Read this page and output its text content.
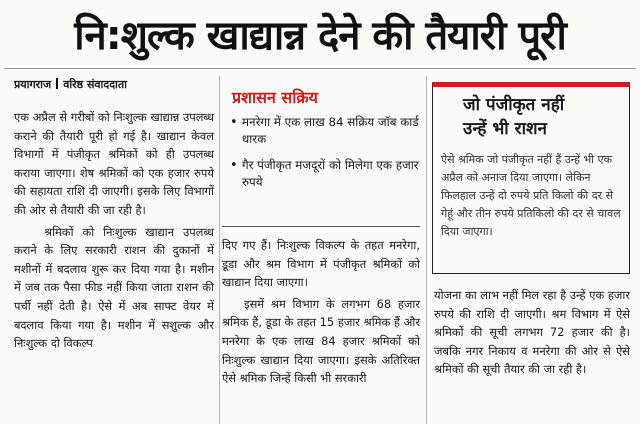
नि:शुल्क खाद्यान्न देने की तैयारी पूरी
प्रयागराज वरिष्ठ संवाददाता

एक अप्रैल से गरीबों को निःशुल्क खाद्यान्न उपलब्ध कराने की तैयारी पूरी हो गई है। खाद्यान केवल विभागों में पंजीकृत श्रमिकों को ही उपलब्ध कराया जाएगा। शेष श्रमिकों को एक हजार रुपये की सहायता राशि दी जाएगी। इसके लिए विभागों की ओर से तैयारी की जा रही है।

श्रमिकों को निःशुल्क खाद्यान उपलब्ध कराने के लिए सरकारी राशन की दुकानों में मशीनों में बदलाव शुरू कर दिया गया है। मशीन में जब तक पैसा फीड नहीं किया जाता राशन की पर्ची नहीं देती है। ऐसे में अब साफ्ट वेयर में बदलाव किया गया है। मशीन में सशुल्क और निःशुल्क दो विकल्प

प्रशासन सक्रिय
• मनरेगा में एक लाख 84 सक्रिय जॉब कार्ड धारक
• गैर पंजीकृत मजदूरों को मिलेगा एक हजार रुपये

दिए गए हैं। निःशुल्क विकल्प के तहत मनरेगा, डूडा और श्रम विभाग में पंजीकृत श्रमिकों को खाद्यान दिया जाएगा।

इसमें श्रम विभाग के लगभग 68 हजार श्रमिक हैं, डूडा के तहत 15 हजार श्रमिक हैं और मनरेगा के एक लाख 84 हजार श्रमिकों को निःशुल्क खाद्यान दिया जाएगा। इसके अतिरिक्त ऐसे श्रमिक जिन्हें किसी भी सरकारी

जो पंजीकृत नहीं
उन्हें भी राशन
ऐसे श्रमिक जो पंजीकृत नहीं हैं उन्हें भी एक अप्रैल को अनाज दिया जाएगा। लेकिन फिलहाल उन्हें दो रुपये प्रति किलो की दर से गेहूं और तीन रुपये प्रतिकिलो की दर से चावल दिया जाएगा।

योजना का लाभ नहीं मिल रहा है उन्हें एक हजार रुपये की राशि दी जाएगी। श्रम विभाग में ऐसे श्रमिकों की सूची लगभग 72 हजार की है। जबकि नगर निकाय व मनरेगा की ओर से ऐसे श्रमिकों की सूची तैयार की जा रही है।
